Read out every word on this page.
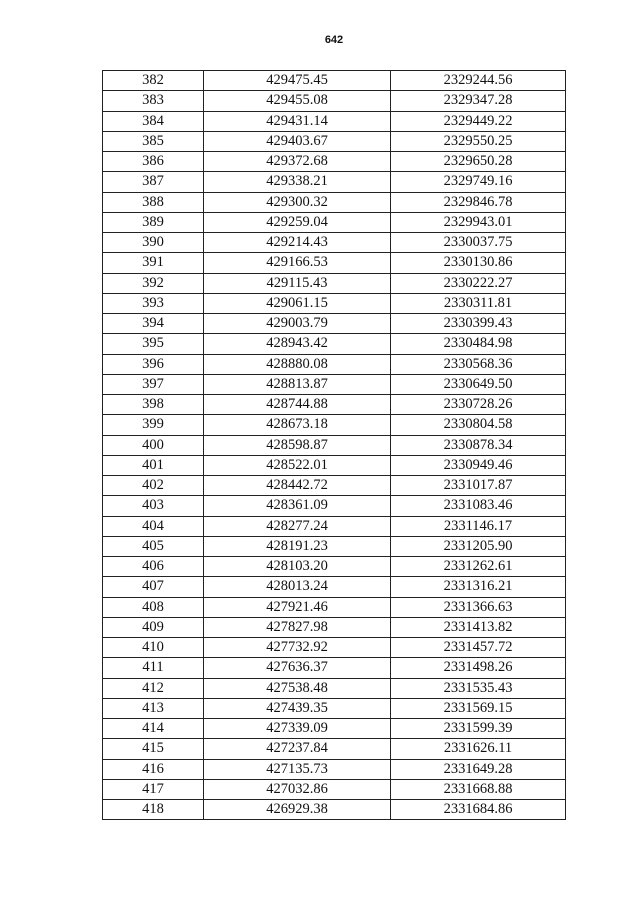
642
382	429475.45	2329244.56
383	429455.08	2329347.28
384	429431.14	2329449.22
385	429403.67	2329550.25
386	429372.68	2329650.28
387	429338.21	2329749.16
388	429300.32	2329846.78
389	429259.04	2329943.01
390	429214.43	2330037.75
391	429166.53	2330130.86
392	429115.43	2330222.27
393	429061.15	2330311.81
394	429003.79	2330399.43
395	428943.42	2330484.98
396	428880.08	2330568.36
397	428813.87	2330649.50
398	428744.88	2330728.26
399	428673.18	2330804.58
400	428598.87	2330878.34
401	428522.01	2330949.46
402	428442.72	2331017.87
403	428361.09	2331083.46
404	428277.24	2331146.17
405	428191.23	2331205.90
406	428103.20	2331262.61
407	428013.24	2331316.21
408	427921.46	2331366.63
409	427827.98	2331413.82
410	427732.92	2331457.72
411	427636.37	2331498.26
412	427538.48	2331535.43
413	427439.35	2331569.15
414	427339.09	2331599.39
415	427237.84	2331626.11
416	427135.73	2331649.28
417	427032.86	2331668.88
418	426929.38	2331684.86
